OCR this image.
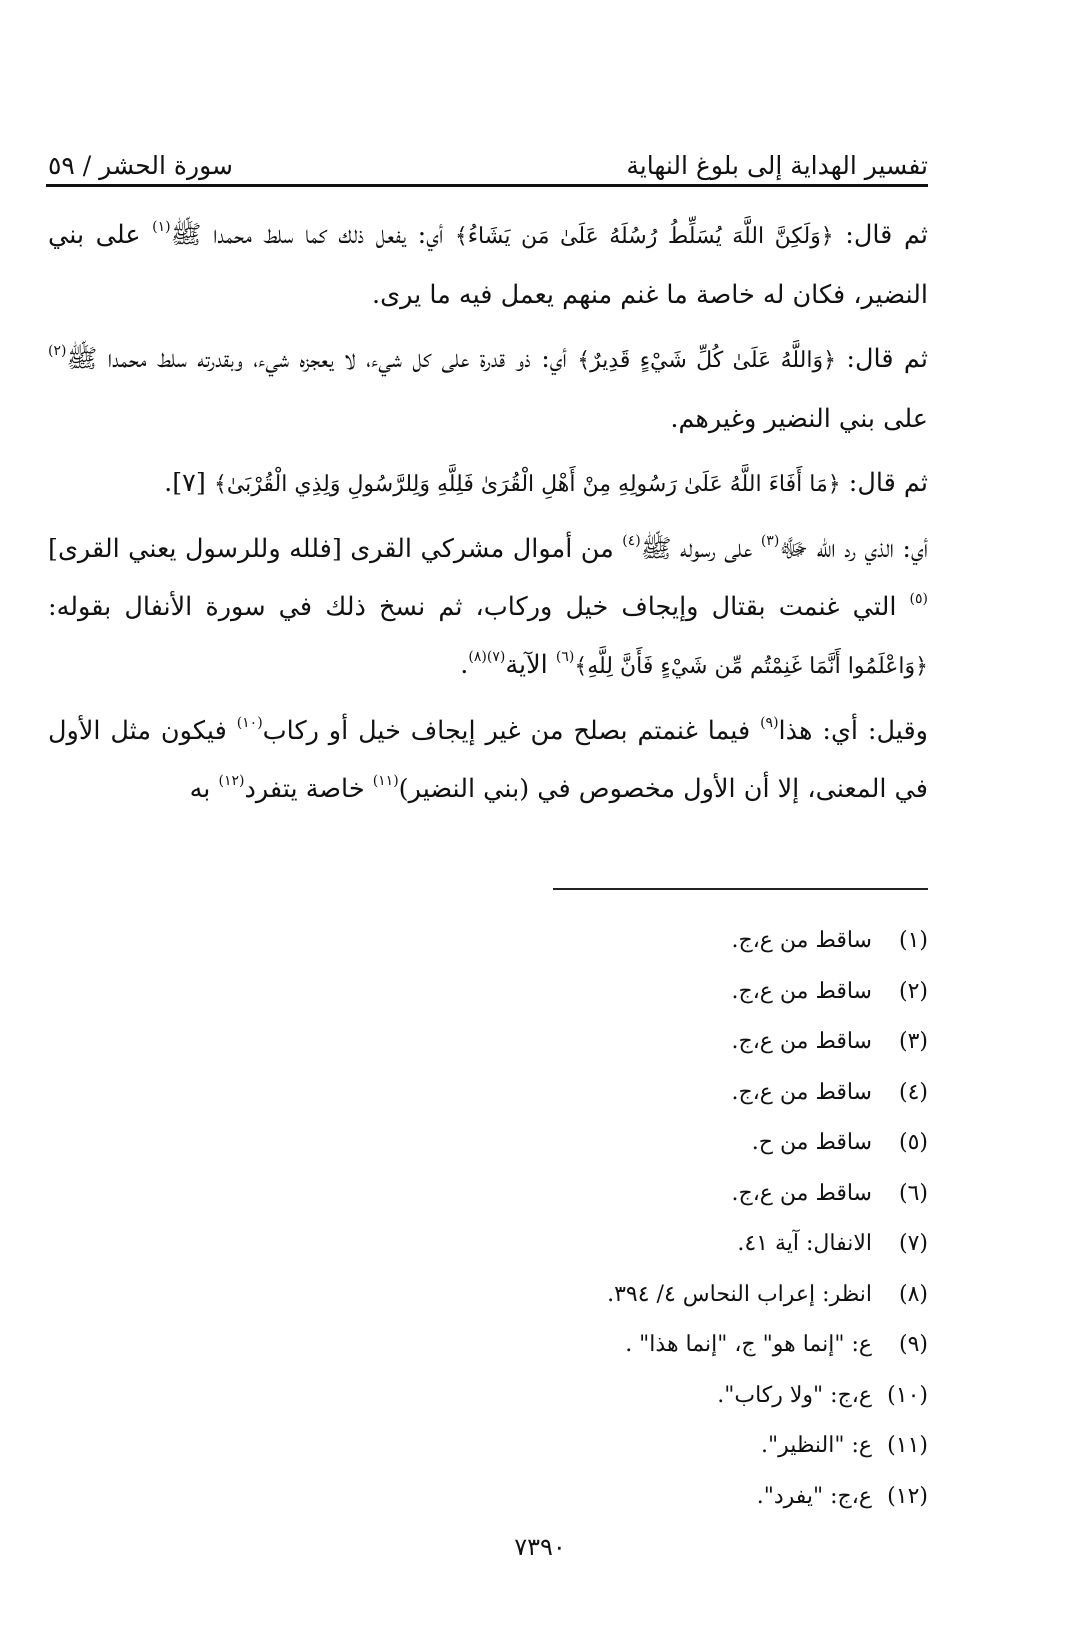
تفسير الهداية إلى بلوغ النهاية
سورة الحشر / ٥٩

ثم قال: ﴿وَلَكِنَّ اللَّهَ يُسَلِّطُ رُسُلَهُ عَلَىٰ مَن يَشَاءُ﴾ أي: يفعل ذلك كما سلط محمدا ﷺ$^{(١)}$ على بني النضير، فكان له خاصة ما غنم منهم يعمل فيه ما يرى.

ثم قال: ﴿وَاللَّهُ عَلَىٰ كُلِّ شَيْءٍ قَدِيرٌ﴾ أي: ذو قدرة على كل شيء، لا يعجزه شيء، وبقدرته سلط محمدا ﷺ$^{(٢)}$ على بني النضير وغيرهم.

ثم قال: ﴿مَا أَفَاءَ اللَّهُ عَلَىٰ رَسُولِهِ مِنْ أَهْلِ الْقُرَىٰ فَلِلَّهِ وَلِلرَّسُولِ وَلِذِي الْقُرْبَىٰ﴾ [٧].

أي: الذي رد الله ﷻ$^{(٣)}$ على رسوله ﷺ$^{(٤)}$ من أموال مشركي القرى [فلله وللرسول يعني القرى]$^{(٥)}$ التي غنمت بقتال وإيجاف خيل وركاب، ثم نسخ ذلك في سورة الأنفال بقوله: ﴿وَاعْلَمُوا أَنَّمَا غَنِمْتُم مِّن شَيْءٍ فَأَنَّ لِلَّهِ﴾$^{(٦)}$ الآية$^{(٧)(٨)}$.

وقيل: أي: هذا$^{(٩)}$ فيما غنمتم بصلح من غير إيجاف خيل أو ركاب$^{(١٠)}$ فيكون مثل الأول في المعنى، إلا أن الأول مخصوص في (بني النضير)$^{(١١)}$ خاصة يتفرد$^{(١٢)}$ به

(١)
ساقط من ع،ج.
(٢)
ساقط من ع،ج.
(٣)
ساقط من ع،ج.
(٤)
ساقط من ع،ج.
(٥)
ساقط من ح.
(٦)
ساقط من ع،ج.
(٧)
الانفال: آية ٤١.
(٨)
انظر: إعراب النحاس ٤/ ٣٩٤.
(٩)
ع: "إنما هو" ج، "إنما هذا" .
(١٠)
ع،ج: "ولا ركاب".
(١١)
ع: "النظير".
(١٢)
ع،ج: "يفرد".
٧٣٩٠
